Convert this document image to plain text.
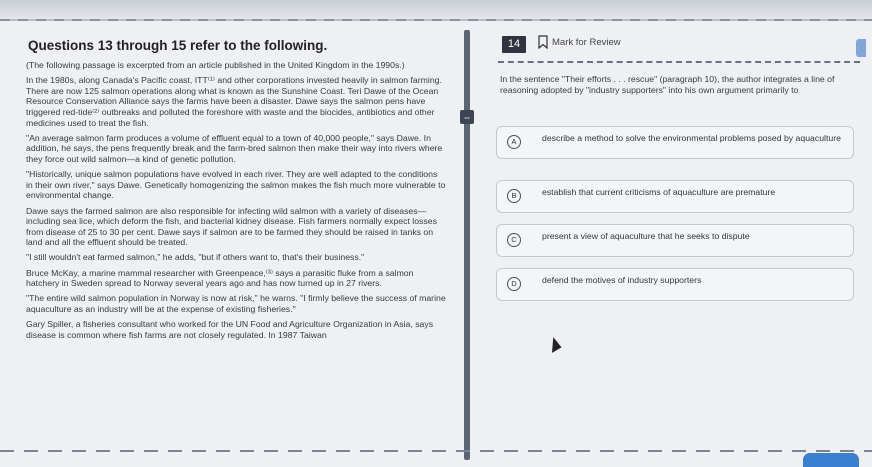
Questions 13 through 15 refer to the following.

(The following passage is excerpted from an article published in the United Kingdom in the 1990s.)

In the 1980s, along Canada's Pacific coast, ITT⁽¹⁾ and other corporations invested heavily in salmon farming. There are now 125 salmon operations along what is known as the Sunshine Coast. Teri Dawe of the Ocean Resource Conservation Alliance says the farms have been a disaster. Dawe says the salmon pens have triggered red-tide⁽²⁾ outbreaks and polluted the foreshore with waste and the biocides, antibiotics and other medicines used to treat the fish.

"An average salmon farm produces a volume of effluent equal to a town of 40,000 people," says Dawe. In addition, he says, the pens frequently break and the farm-bred salmon then make their way into rivers where they force out wild salmon—a kind of genetic pollution.

"Historically, unique salmon populations have evolved in each river. They are well adapted to the conditions in their own river," says Dawe. Genetically homogenizing the salmon makes the fish much more vulnerable to environmental change.

Dawe says the farmed salmon are also responsible for infecting wild salmon with a variety of diseases—including sea lice, which deform the fish, and bacterial kidney disease. Fish farmers normally expect losses from disease of 25 to 30 per cent. Dawe says if salmon are to be farmed they should be raised in tanks on land and all the effluent should be treated.

"I still wouldn't eat farmed salmon," he adds, "but if others want to, that's their business."

Bruce McKay, a marine mammal researcher with Greenpeace,⁽³⁾ says a parasitic fluke from a salmon hatchery in Sweden spread to Norway several years ago and has now turned up in 27 rivers.

"The entire wild salmon population in Norway is now at risk," he warns. "I firmly believe the success of marine aquaculture as an industry will be at the expense of existing fisheries."

Gary Spiller, a fisheries consultant who worked for the UN Food and Agriculture Organization in Asia, says disease is common where fish farms are not closely regulated. In 1987 Taiwan

⇔
14	Mark for Review
In the sentence "Their efforts . . . rescue" (paragraph 10), the author integrates a line of reasoning adopted by "industry supporters" into his own argument primarily to
A	describe a method to solve the environmental problems posed by aquaculture
B	establish that current criticisms of aquaculture are premature
C	present a view of aquaculture that he seeks to dispute
D	defend the motives of industry supporters
